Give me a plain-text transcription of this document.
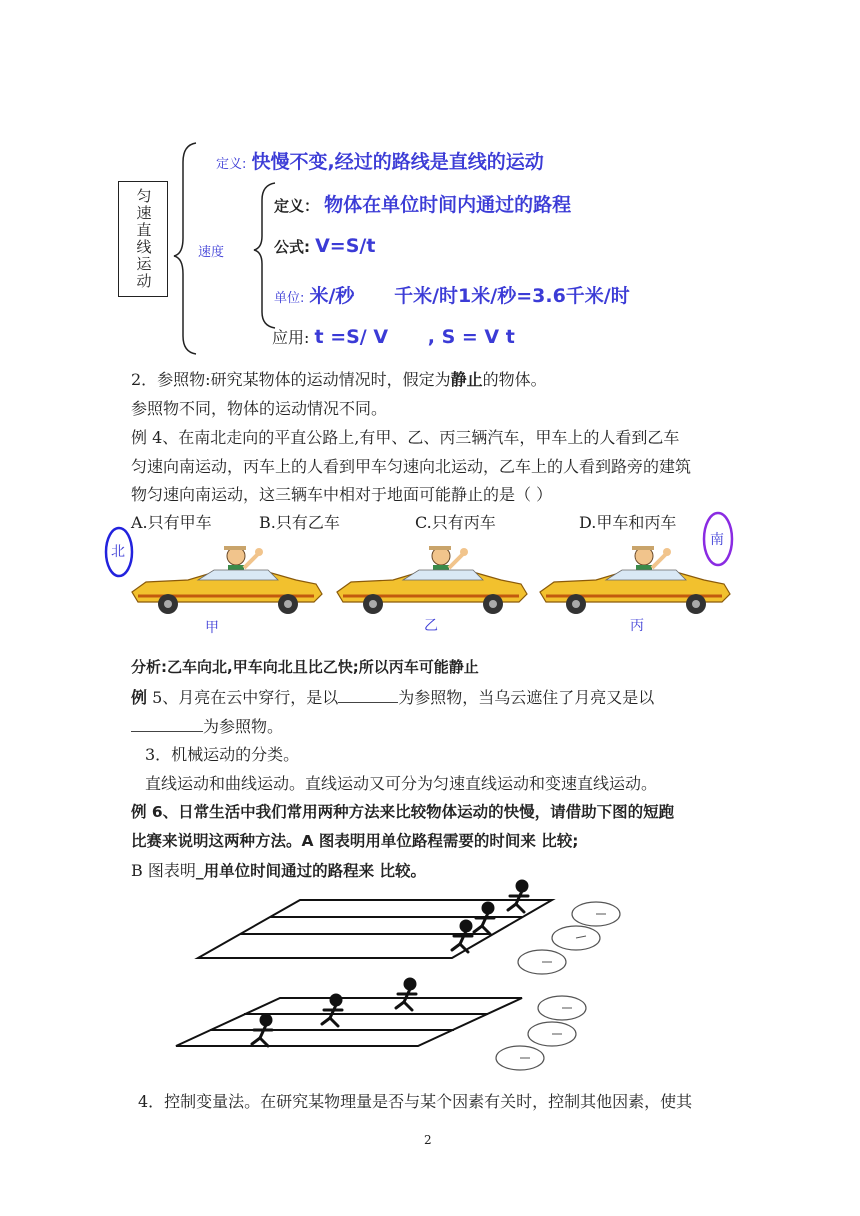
匀速直线运动
定义: 快慢不变,经过的路线是直线的运动
速度
定义： 物体在单位时间内通过的路程
公式: V=S/t
单位: 米/秒      千米/时1米/秒=3.6千米/时
应用: t =S/ V      , S = V t
2．参照物:研究某物体的运动情况时，假定为静止的物体。
参照物不同，物体的运动情况不同。
例 4、在南北走向的平直公路上,有甲、乙、丙三辆汽车，甲车上的人看到乙车
匀速向南运动，丙车上的人看到甲车匀速向北运动，乙车上的人看到路旁的建筑
物匀速向南运动，这三辆车中相对于地面可能静止的是（ ）
A.只有甲车	B.只有乙车	C.只有丙车	D.甲车和丙车
北
南
甲	乙	丙
分析:乙车向北,甲车向北且比乙快;所以丙车可能静止
例 5、月亮在云中穿行，是以	为参照物，当乌云遮住了月亮又是以
为参照物。
3．机械运动的分类。
直线运动和曲线运动。直线运动又可分为匀速直线运动和变速直线运动。
例 6、日常生活中我们常用两种方法来比较物体运动的快慢，请借助下图的短跑
比赛来说明这两种方法。A 图表明用单位路程需要的时间来 比较;
B 图表明_用单位时间通过的路程来 比较。
4．控制变量法。在研究某物理量是否与某个因素有关时，控制其他因素，使其
2
